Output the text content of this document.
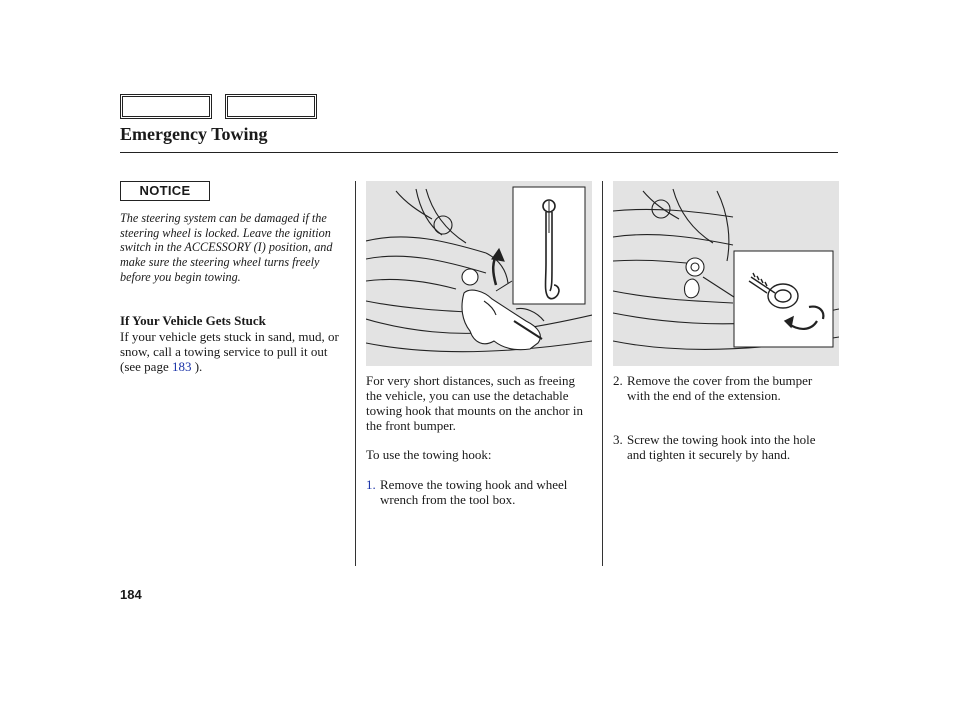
Emergency Towing
NOTICE

The steering system can be damaged if the steering wheel is locked. Leave the ignition switch in the ACCESSORY (I) position, and make sure the steering wheel turns freely before you begin towing.

If Your Vehicle Gets Stuck

If your vehicle gets stuck in sand, mud, or snow, call a towing service to pull it out (see page 183 ).

For very short distances, such as freeing the vehicle, you can use the detachable towing hook that mounts on the anchor in the front bumper.

To use the towing hook:

1. Remove the towing hook and wheel wrench from the tool box.
2. Remove the cover from the bumper with the end of the extension.
3. Screw the towing hook into the hole and tighten it securely by hand.

184
